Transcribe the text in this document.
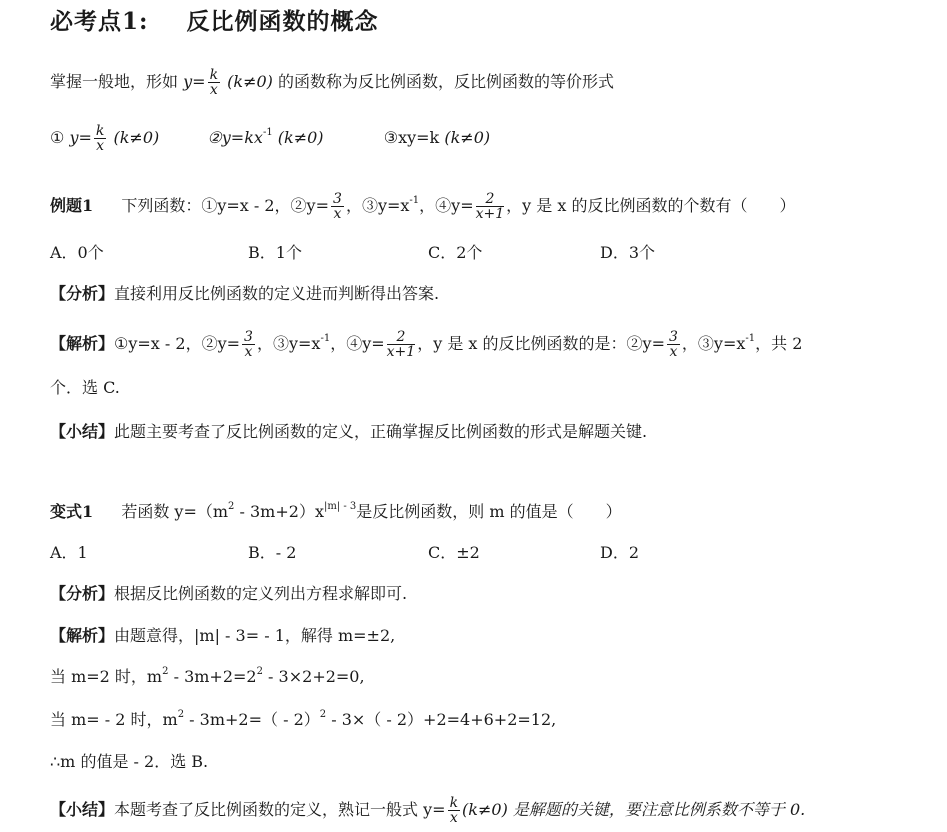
必考点1: 反比例函数的概念
掌握一般地，形如 $y= \frac{k}{x} (k\ne 0)$ 的函数称为反比例函数，反比例函数的等价形式
① $y= \frac{k}{x} (k\ne 0)$	$②y=kx^{-1}$ (k≠0)	③xy=k (k≠0)
例题1 下列函数：①y=x - 2，②y= $\frac{3}{x}$ ，$③y=x^{-1}$，④y= $\frac{2}{x+1}$ ，y 是 x 的反比例函数的个数有（　　）
A．0个	B．1个	C．2个	D．3个
【分析】直接利用反比例函数的定义进而判断得出答案.
【解析】①y=x - 2，②y= $\frac{3}{x}$ ，$③y=x^{-1}$，④y= $\frac{2}{x+1}$ ，y 是 x 的反比例函数的是：②y= $\frac{3}{x}$ ，$③y=x^{-1}$，共 2
个．选 C.
【小结】此题主要考查了反比例函数的定义，正确掌握反比例函数的形式是解题关键.
变式1 若函数 $y=(m^2 - 3m+2)x^{|m| - 3}$是反比例函数，则 m 的值是（　　）
A．1	B．- 2	C．±2	D．2
【分析】根据反比例函数的定义列出方程求解即可.
【解析】由题意得，|m| - 3= - 1，解得 m=±2,
当 m=2 时，$m^2 - 3m+2=2^2 - 3\times 2+2=0$,
当 m= - 2 时，$m^2 - 3m+2=( - 2)^2 - 3\times( - 2)+2=4+6+2=12$,
∴m 的值是 - 2．选 B.
【小结】本题考查了反比例函数的定义，熟记一般式 $y= \frac{k}{x} (k\ne 0)$ 是解题的关键，要注意比例系数不等于 0.
